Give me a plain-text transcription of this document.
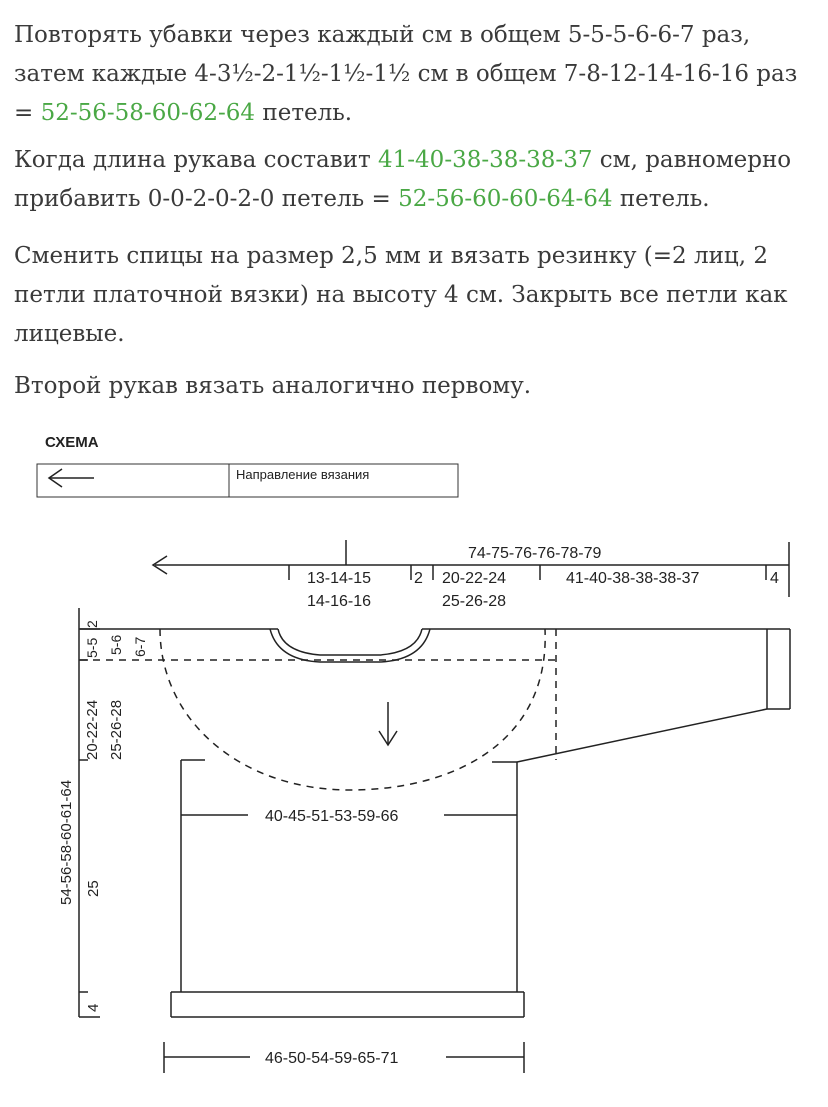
Повторять убавки через каждый см в общем 5-5-5-6-6-7 раз, затем каждые 4-3½-2-1½-1½-1½ см в общем 7-8-12-14-16-16 раз = 52-56-58-60-62-64 петель.

Когда длина рукава составит 41-40-38-38-38-37 см, равномерно прибавить 0-0-2-0-2-0 петель = 52-56-60-60-64-64 петель.

Сменить спицы на размер 2,5 мм и вязать резинку (=2 лиц, 2 петли платочной вязки) на высоту 4 см. Закрыть все петли как лицевые.

Второй рукав вязать аналогично первому.

СХЕМА
Направление вязания
74-75-76-76-78-79
13-14-15
14-16-16
2 20-22-24
25-26-28
41-40-38-38-38-37	4
2
5-5 5-6 6-7
20-22-24 25-26-28
54-56-58-60-61-64 25
4
40-45-51-53-59-66
46-50-54-59-65-71
